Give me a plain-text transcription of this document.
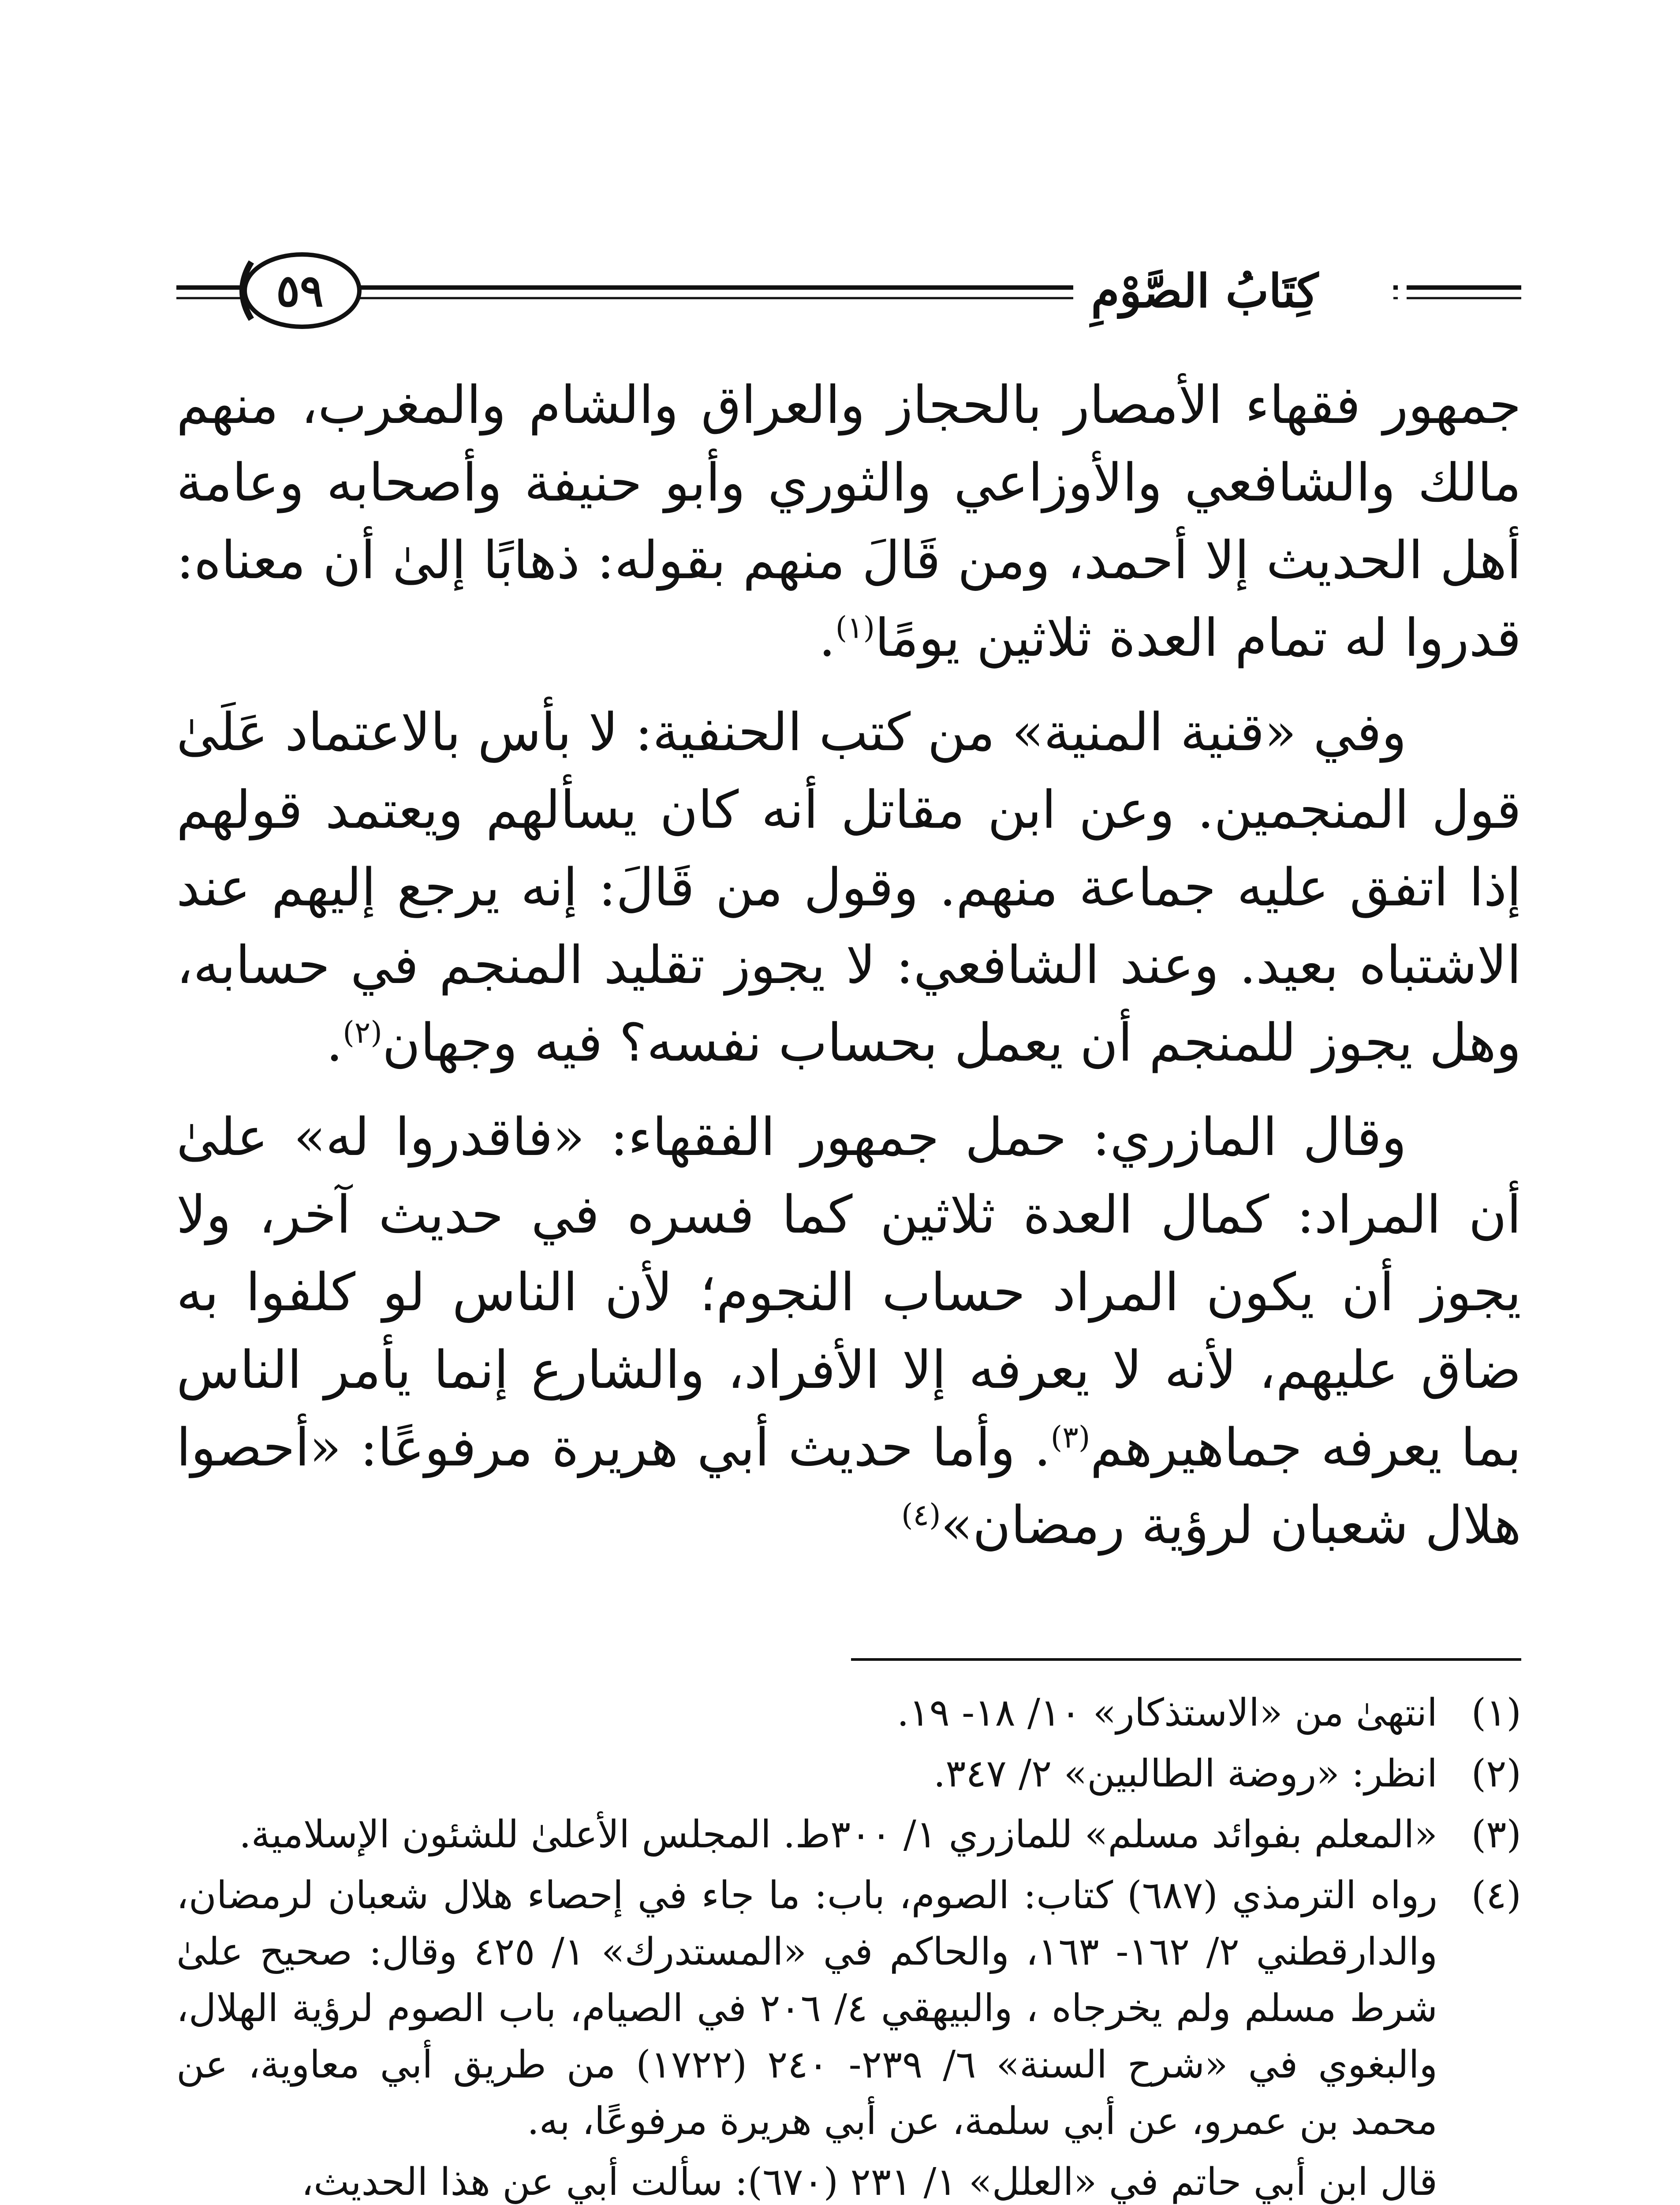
كِتَابُ الصَّوْمِ
٥٩

جمهور فقهاء الأمصار بالحجاز والعراق والشام والمغرب، منهم مالك والشافعي والأوزاعي والثوري وأبو حنيفة وأصحابه وعامة أهل الحديث إلا أحمد، ومن قَالَ منهم بقوله: ذهابًا إلىٰ أن معناه: قدروا له تمام العدة ثلاثين يومًا$^{(١)}$.

وفي «قنية المنية» من كتب الحنفية: لا بأس بالاعتماد عَلَىٰ قول المنجمين. وعن ابن مقاتل أنه كان يسألهم ويعتمد قولهم إذا اتفق عليه جماعة منهم. وقول من قَالَ: إنه يرجع إليهم عند الاشتباه بعيد. وعند الشافعي: لا يجوز تقليد المنجم في حسابه، وهل يجوز للمنجم أن يعمل بحساب نفسه؟ فيه وجهان$^{(٢)}$.

وقال المازري: حمل جمهور الفقهاء: «فاقدروا له» علىٰ أن المراد: كمال العدة ثلاثين كما فسره في حديث آخر، ولا يجوز أن يكون المراد حساب النجوم؛ لأن الناس لو كلفوا به ضاق عليهم، لأنه لا يعرفه إلا الأفراد، والشارع إنما يأمر الناس بما يعرفه جماهيرهم$^{(٣)}$. وأما حديث أبي هريرة مرفوعًا: «أحصوا هلال شعبان لرؤية رمضان»$^{(٤)}$

(١)
انتهىٰ من «الاستذكار» ١٠/ ١٨- ١٩.

(٢)
انظر: «روضة الطالبين» ٢/ ٣٤٧.

(٣)
«المعلم بفوائد مسلم» للمازري ١/ ٣٠٠ط. المجلس الأعلىٰ للشئون الإسلامية.

(٤)
رواه الترمذي (٦٨٧) كتاب: الصوم، باب: ما جاء في إحصاء هلال شعبان لرمضان، والدارقطني ٢/ ١٦٢- ١٦٣، والحاكم في «المستدرك» ١/ ٤٢٥ وقال: صحيح علىٰ شرط مسلم ولم يخرجاه ، والبيهقي ٤/ ٢٠٦ في الصيام، باب الصوم لرؤية الهلال، والبغوي في «شرح السنة» ٦/ ٢٣٩- ٢٤٠ (١٧٢٢) من طريق أبي معاوية، عن محمد بن عمرو، عن أبي سلمة، عن أبي هريرة مرفوعًا، به.

قال ابن أبي حاتم في «العلل» ١/ ٢٣١ (٦٧٠): سألت أبي عن هذا الحديث،
